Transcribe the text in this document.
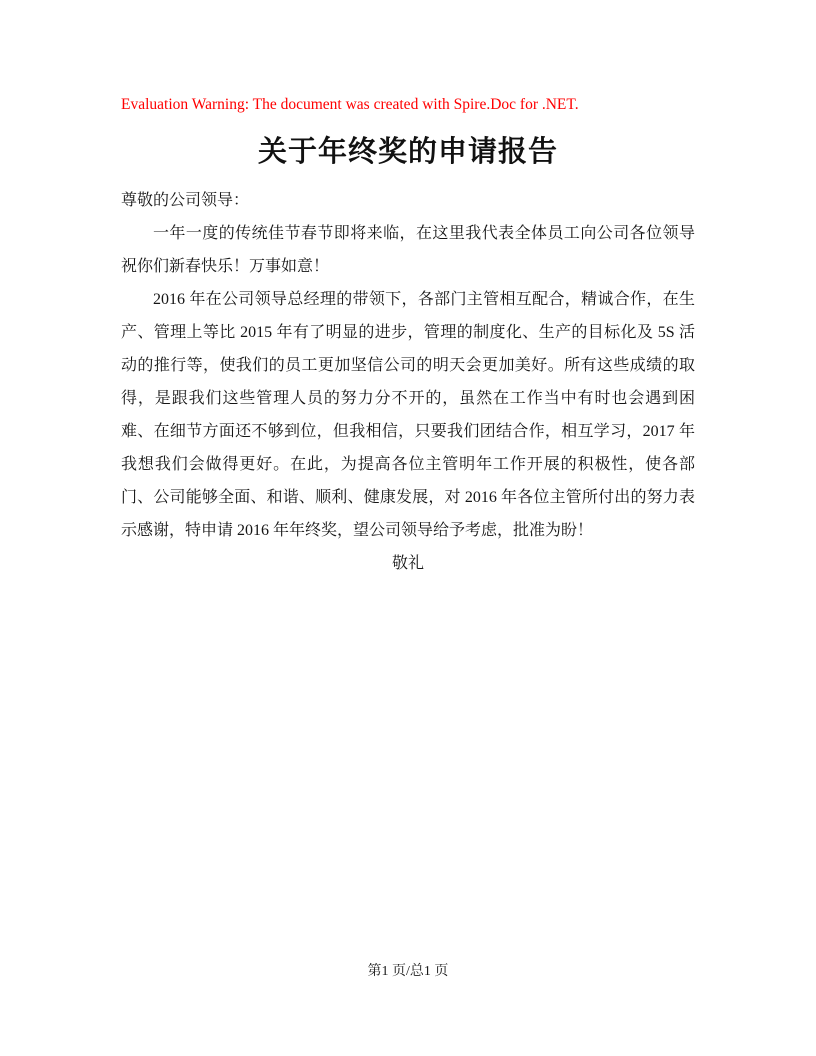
Evaluation Warning: The document was created with Spire.Doc for .NET.
关于年终奖的申请报告

尊敬的公司领导：

一年一度的传统佳节春节即将来临，在这里我代表全体员工向公司各位领导祝你们新春快乐！万事如意！

2016 年在公司领导总经理的带领下，各部门主管相互配合，精诚合作，在生产、管理上等比 2015 年有了明显的进步，管理的制度化、生产的目标化及 5S 活动的推行等，使我们的员工更加坚信公司的明天会更加美好。所有这些成绩的取得，是跟我们这些管理人员的努力分不开的，虽然在工作当中有时也会遇到困难、在细节方面还不够到位，但我相信，只要我们团结合作，相互学习，2017 年我想我们会做得更好。在此，为提高各位主管明年工作开展的积极性，使各部门、公司能够全面、和谐、顺利、健康发展，对 2016 年各位主管所付出的努力表示感谢，特申请 2016 年年终奖，望公司领导给予考虑，批准为盼！

敬礼

第1 页/总1 页
